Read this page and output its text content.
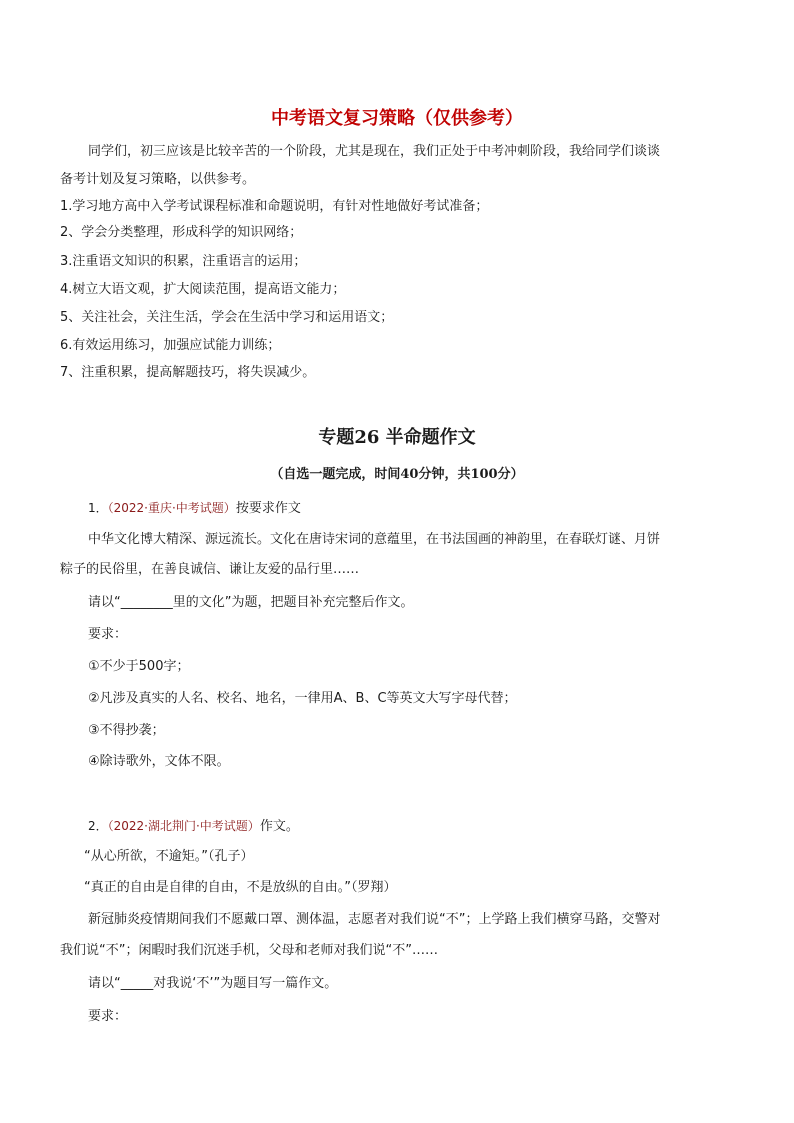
中考语文复习策略（仅供参考）
同学们，初三应该是比较辛苦的一个阶段，尤其是现在，我们正处于中考冲刺阶段，我给同学们谈谈
备考计划及复习策略，以供参考。
1.学习地方高中入学考试课程标准和命题说明，有针对性地做好考试准备；
2、学会分类整理，形成科学的知识网络；
3.注重语文知识的积累，注重语言的运用；
4.树立大语文观，扩大阅读范围，提高语文能力；
5、关注社会，关注生活，学会在生活中学习和运用语文；
6.有效运用练习，加强应试能力训练；
7、注重积累，提高解题技巧，将失误减少。
专题26 半命题作文
（自选一题完成，时间40分钟，共100分）
1．（2022·重庆·中考试题）按要求作文
中华文化博大精深、源远流长。文化在唐诗宋词的意蕴里，在书法国画的神韵里，在春联灯谜、月饼
粽子的民俗里，在善良诚信、谦让友爱的品行里……
请以“________里的文化”为题，把题目补充完整后作文。
要求：
①不少于500字；
②凡涉及真实的人名、校名、地名，一律用A、B、C等英文大写字母代替；
③不得抄袭；
④除诗歌外，文体不限。
2．（2022·湖北荆门·中考试题）作文。
“从心所欲，不逾矩。”（孔子）
“真正的自由是自律的自由，不是放纵的自由。”（罗翔）
新冠肺炎疫情期间我们不愿戴口罩、测体温，志愿者对我们说“不”；上学路上我们横穿马路，交警对
我们说“不”；闲暇时我们沉迷手机，父母和老师对我们说“不”……
请以“_____对我说‘不’”为题目写一篇作文。
要求：
